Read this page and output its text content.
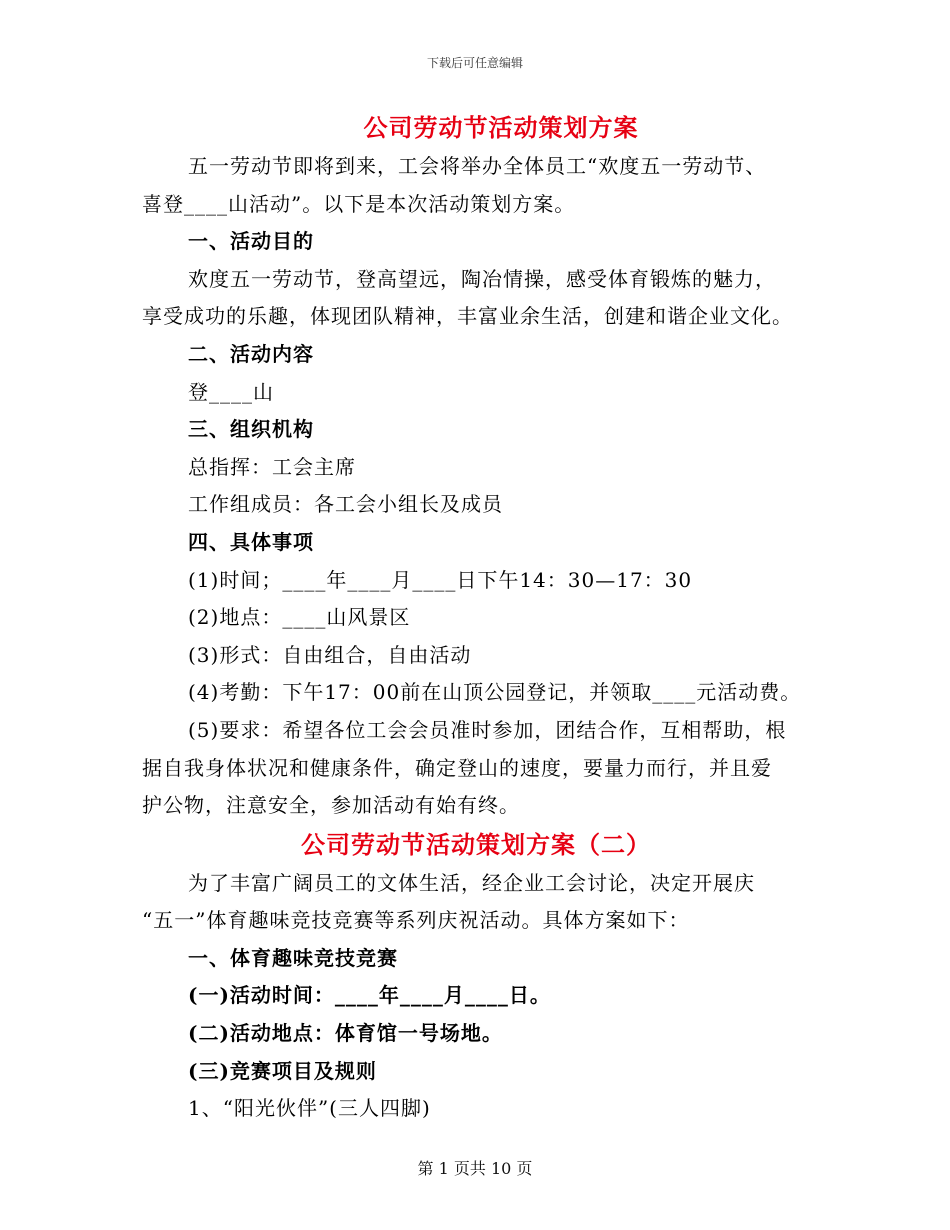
下载后可任意编辑
公司劳动节活动策划方案
五一劳动节即将到来，工会将举办全体员工“欢度五一劳动节、
喜登____山活动”。以下是本次活动策划方案。
一、活动目的
欢度五一劳动节，登高望远，陶冶情操，感受体育锻炼的魅力，
享受成功的乐趣，体现团队精神，丰富业余生活，创建和谐企业文化。
二、活动内容
登____山
三、组织机构
总指挥：工会主席
工作组成员：各工会小组长及成员
四、具体事项
(1)时间；____年____月____日下午14：30—17：30
(2)地点：____山风景区
(3)形式：自由组合，自由活动
(4)考勤：下午17：00前在山顶公园登记，并领取____元活动费。
(5)要求：希望各位工会会员准时参加，团结合作，互相帮助，根
据自我身体状况和健康条件，确定登山的速度，要量力而行，并且爱
护公物，注意安全，参加活动有始有终。
公司劳动节活动策划方案（二）
为了丰富广阔员工的文体生活，经企业工会讨论，决定开展庆
“五一”体育趣味竞技竞赛等系列庆祝活动。具体方案如下：
一、体育趣味竞技竞赛
(一)活动时间：____年____月____日。
(二)活动地点：体育馆一号场地。
(三)竞赛项目及规则
1、“阳光伙伴”(三人四脚)
第 1 页共 10 页
